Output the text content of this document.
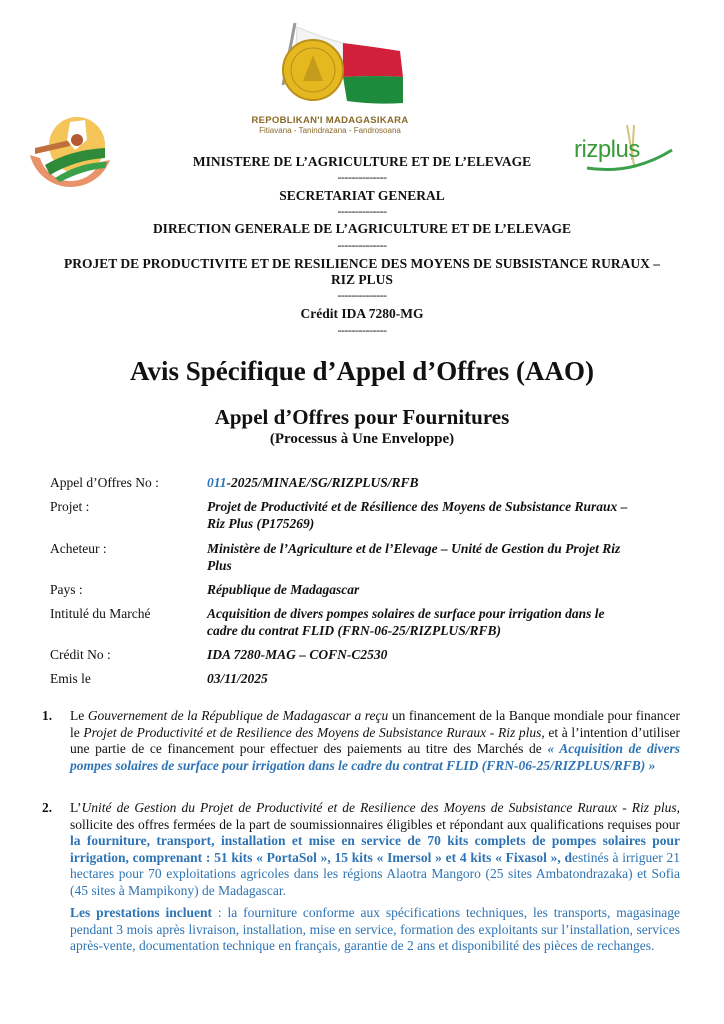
REPOBLIKAN'I MADAGASIKARA
Fitiavana - Tanindrazana - Fandrosoana
rizplus
MINISTERE DE L’AGRICULTURE ET DE L’ELEVAGE
--------------
SECRETARIAT GENERAL
--------------
DIRECTION GENERALE DE L’AGRICULTURE ET DE L’ELEVAGE
--------------
PROJET DE PRODUCTIVITE ET DE RESILIENCE DES MOYENS DE SUBSISTANCE RURAUX –
RIZ PLUS
--------------
Crédit IDA 7280-MG
--------------
Avis Spécifique d’Appel d’Offres (AAO)
Appel d’Offres pour Fournitures
(Processus à Une Enveloppe)
Appel d’Offres No :	011-2025/MINAE/SG/RIZPLUS/RFB
Projet :	Projet de Productivité et de Résilience des Moyens de Subsistance Ruraux –
Riz Plus (P175269)
Acheteur :	Ministère de l’Agriculture et de l’Elevage – Unité de Gestion du Projet Riz
Plus
Pays :	République de Madagascar
Intitulé du Marché	Acquisition de divers pompes solaires de surface pour irrigation dans le
cadre du contrat FLID (FRN-06-25/RIZPLUS/RFB)
Crédit No :	IDA 7280-MAG – COFN-C2530
Emis le	03/11/2025
1. Le Gouvernement de la République de Madagascar a reçu un financement de la Banque mondiale pour financer le Projet de Productivité et de Resilience des Moyens de Subsistance Ruraux - Riz plus, et à l’intention d’utiliser une partie de ce financement pour effectuer des paiements au titre des Marchés de « Acquisition de divers pompes solaires de surface pour irrigation dans le cadre du contrat FLID (FRN-06-25/RIZPLUS/RFB) »
2. L’Unité de Gestion du Projet de Productivité et de Resilience des Moyens de Subsistance Ruraux - Riz plus, sollicite des offres fermées de la part de soumissionnaires éligibles et répondant aux qualifications requises pour la fourniture, transport, installation et mise en service de 70 kits complets de pompes solaires pour irrigation, comprenant : 51 kits « PortaSol », 15 kits « Imersol » et 4 kits « Fixasol », destinés à irriguer 21 hectares pour 70 exploitations agricoles dans les régions Alaotra Mangoro (25 sites Ambatondrazaka) et Sofia (45 sites à Mampikony) de Madagascar.
Les prestations incluent : la fourniture conforme aux spécifications techniques, les transports, magasinage pendant 3 mois après livraison, installation, mise en service, formation des exploitants sur l’installation, services après-vente, documentation technique en français, garantie de 2 ans et disponibilité des pièces de rechanges.
